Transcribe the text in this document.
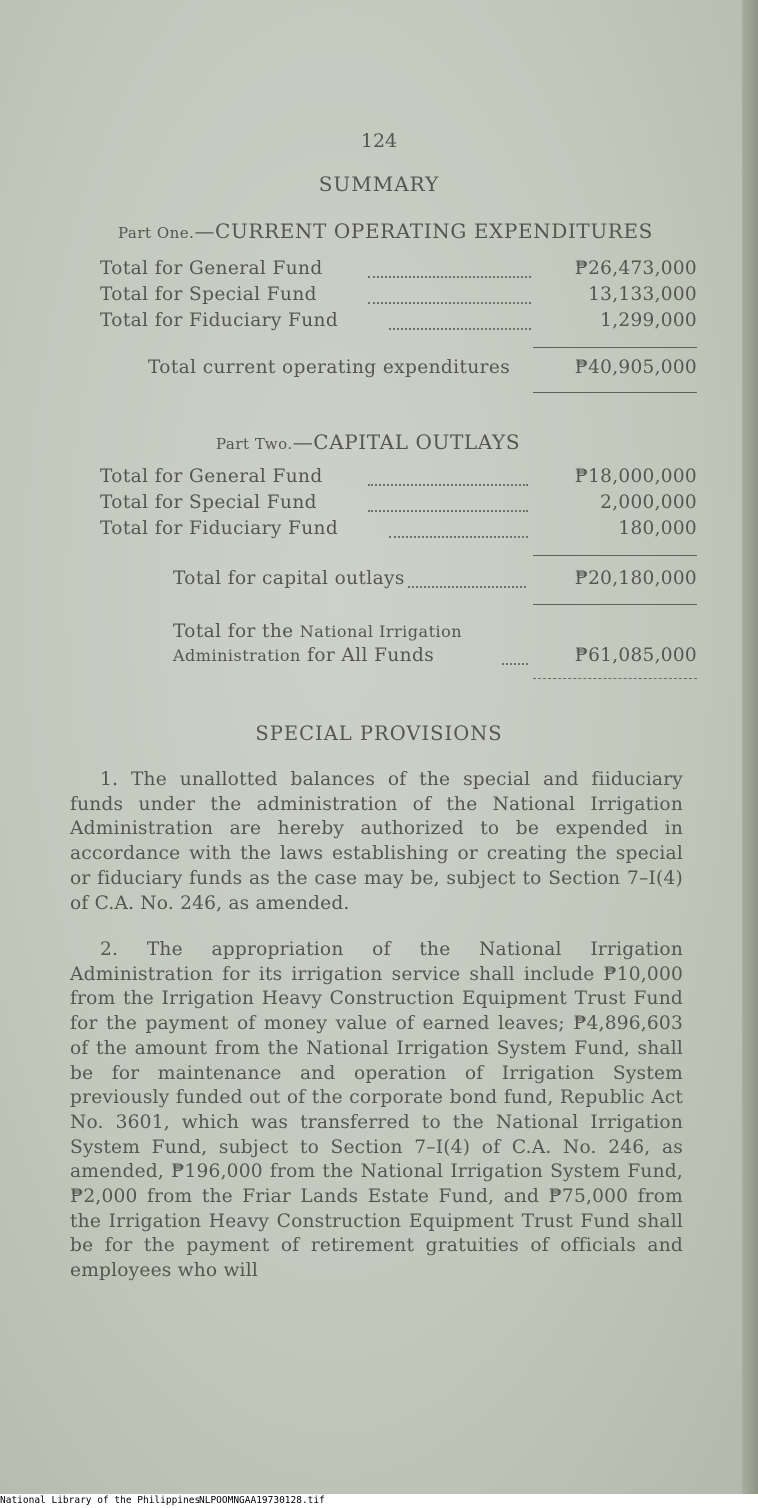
124
SUMMARY
Part One.—CURRENT OPERATING EXPENDITURES
Total for General Fund	₱26,473,000
Total for Special Fund	13,133,000
Total for Fiduciary Fund	1,299,000
Total current operating expenditures	₱40,905,000
Part Two.—CAPITAL OUTLAYS
Total for General Fund	₱18,000,000
Total for Special Fund	2,000,000
Total for Fiduciary Fund	180,000
Total for capital outlays	₱20,180,000
Total for the National Irrigation
Administration for All Funds	₱61,085,000
SPECIAL PROVISIONS
1. The unallotted balances of the special and fiiduciary funds under the administration of the National Irrigation Administration are hereby authorized to be expended in accordance with the laws establishing or creating the special or fiduciary funds as the case may be, subject to Section 7–I(4) of C.A. No. 246, as amended.
2. The appropriation of the National Irrigation Administration for its irrigation service shall include ₱10,000 from the Irrigation Heavy Construction Equipment Trust Fund for the payment of money value of earned leaves; ₱4,896,603 of the amount from the National Irrigation System Fund, shall be for maintenance and operation of Irrigation System previously funded out of the corporate bond fund, Republic Act No. 3601, which was transferred to the National Irrigation System Fund, subject to Section 7–I(4) of C.A. No. 246, as amended, ₱196,000 from the National Irrigation System Fund, ₱2,000 from the Friar Lands Estate Fund, and ₱75,000 from the Irrigation Heavy Construction Equipment Trust Fund shall be for the payment of retirement gratuities of officials and employees who will
National Library of the Philippines
NLPOOMNGAA19730128.tif
